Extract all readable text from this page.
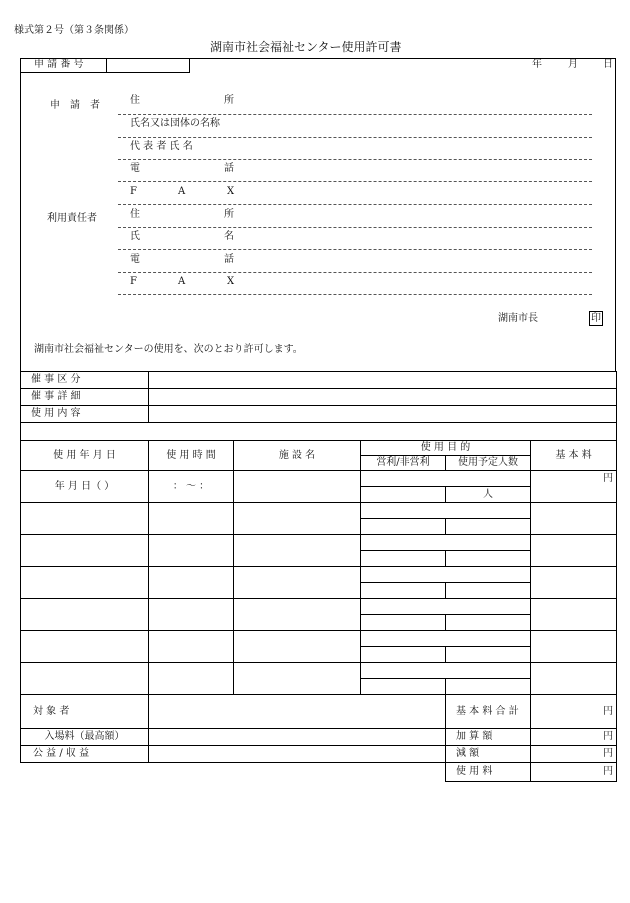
様式第２号（第３条関係）
湖南市社会福祉センター使用許可書
申 請 番 号	年	月	日
申　請　者	住	所
氏名又は団体の名称
代 表 者 氏 名
電	話
F	A	X
利用責任者	住	所
氏	名
電	話
F	A	X
湖南市長	印
湖南市社会福祉センターの使用を、次のとおり許可します。
催 事 区 分					
催 事 詳 細					
使 用 内 容					

使 用 年 月 日	使 用 時 間	施 設 名	使 用 目 的		基 本 料
			営利/非営利	使用予定人数	
年 月 日（ ）	： ～ ：				円
				人	

対 象 者				基 本 料 合 計	円
入場料（最高額）				加 算 額	円
公 益 / 収 益				減 額	円
				使 用 料	円
